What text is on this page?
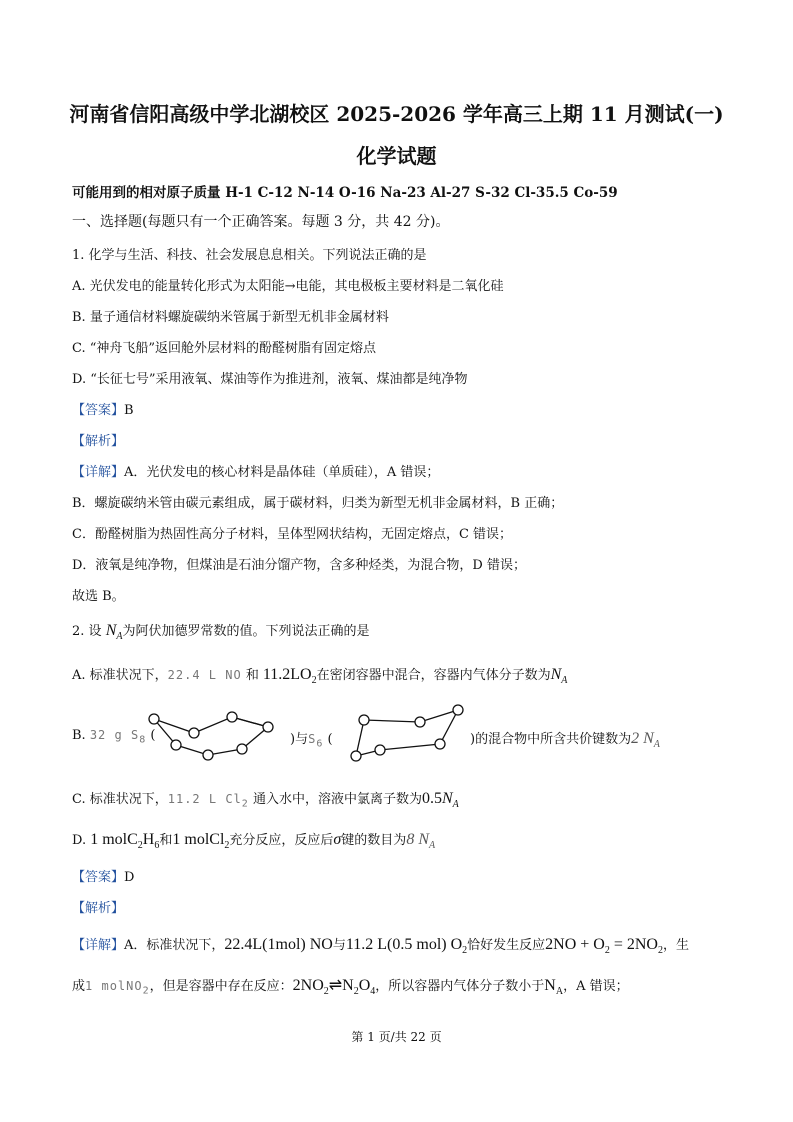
河南省信阳高级中学北湖校区 2025-2026 学年高三上期 11 月测试(一)
化学试题
可能用到的相对原子质量 H-1 C-12 N-14 O-16 Na-23 Al-27 S-32 Cl-35.5 Co-59
一、选择题(每题只有一个正确答案。每题 3 分，共 42 分)。
1. 化学与生活、科技、社会发展息息相关。下列说法正确的是
A. 光伏发电的能量转化形式为太阳能→电能，其电极板主要材料是二氧化硅
B. 量子通信材料螺旋碳纳米管属于新型无机非金属材料
C. “神舟飞船”返回舱外层材料的酚醛树脂有固定熔点
D. “长征七号”采用液氧、煤油等作为推进剂，液氧、煤油都是纯净物
【答案】B
【解析】
【详解】A．光伏发电的核心材料是晶体硅（单质硅），A 错误；
B．螺旋碳纳米管由碳元素组成，属于碳材料，归类为新型无机非金属材料，B 正确；
C．酚醛树脂为热固性高分子材料，呈体型网状结构，无固定熔点，C 错误；
D．液氧是纯净物，但煤油是石油分馏产物，含多种烃类，为混合物，D 错误；
故选 B。
2. 设 $N_A$为阿伏加德罗常数的值。下列说法正确的是
A. 标准状况下，22.4 L NO 和 $11.2LO_2$在密闭容器中混合，容器内气体分子数为$N_A$
B. 32 g $S_8$ (	)与$S_6$ (	)的混合物中所含共价键数为2 $N_A$
C. 标准状况下，11.2 L $Cl_2$ 通入水中，溶液中氯离子数为$0.5N_A$
D. 1 $molC_2H_6$和1 molCl$_2$充分反应，反应后σ键的数目为8 $N_A$
【答案】D
【解析】
【详解】A．标准状况下，22.4L(1mol) NO与11.2 L(0.5 mol) $O_2$恰好发生反应$2NO + O_2 = 2NO_2$，生
成1 molNO$_2$，但是容器中存在反应：$2NO_2\rightleftharpoons N_2O_4$，所以容器内气体分子数小于$N_A$，A 错误；
第 1 页/共 22 页
